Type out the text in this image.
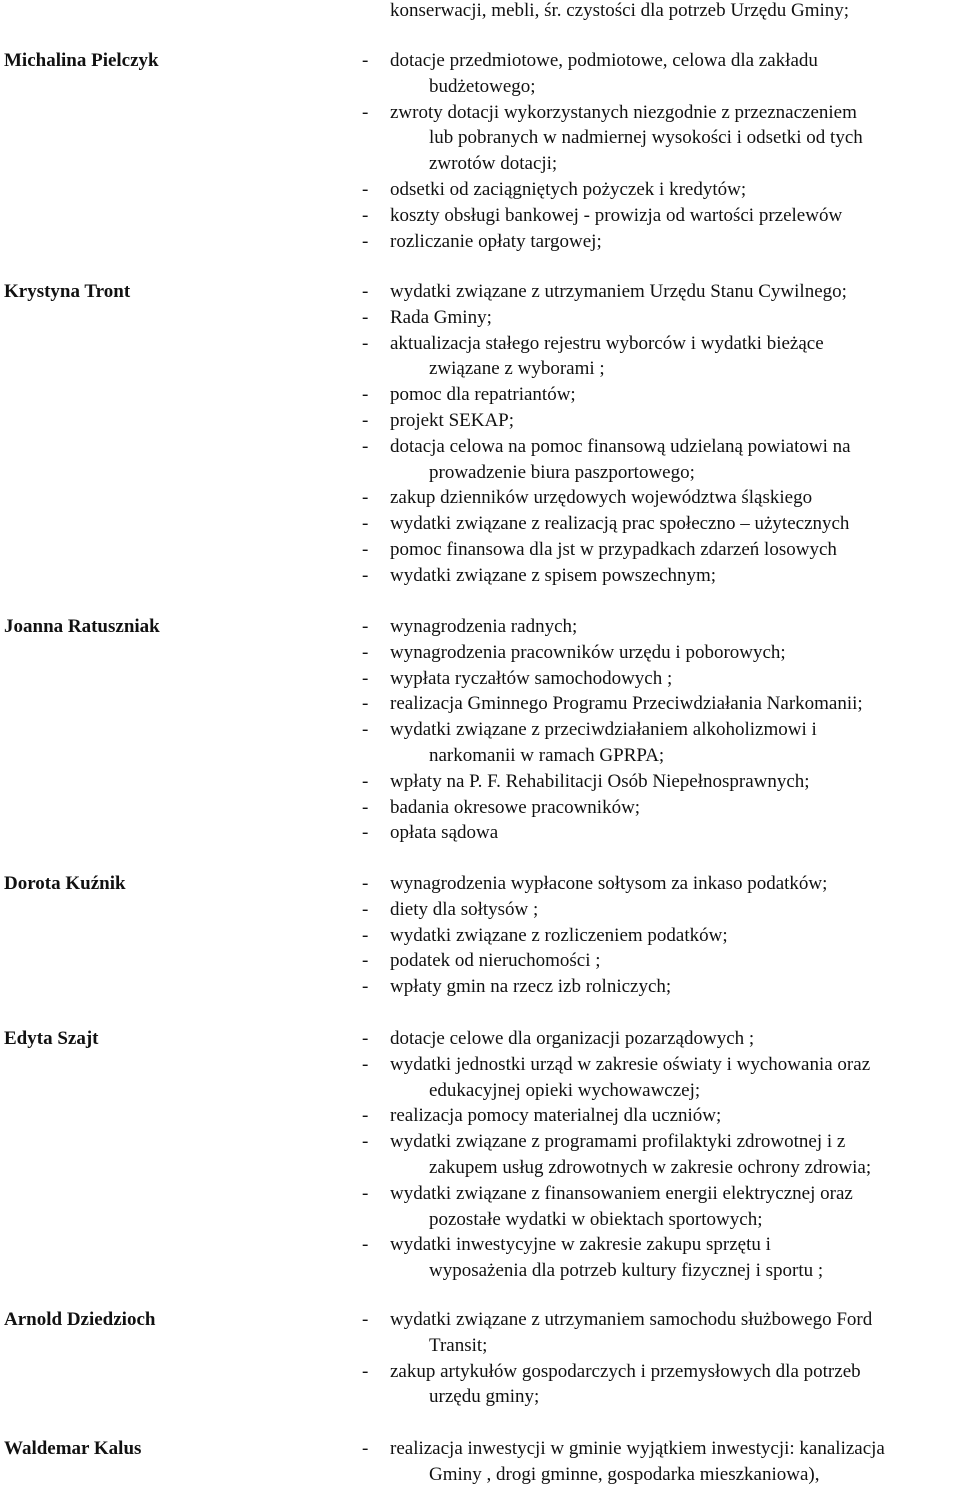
konserwacji, mebli, śr. czystości dla potrzeb Urzędu Gminy;
Michalina Pielczyk	- dotacje przedmiotowe, podmiotowe, celowa dla zakładu
budżetowego;
- zwroty dotacji wykorzystanych niezgodnie z przeznaczeniem
lub pobranych w nadmiernej wysokości i odsetki od tych
zwrotów dotacji;
- odsetki od zaciągniętych pożyczek i kredytów;
- koszty obsługi bankowej - prowizja od wartości przelewów
- rozliczanie opłaty targowej;
Krystyna Tront	- wydatki związane z utrzymaniem Urzędu Stanu Cywilnego;
- Rada Gminy;
- aktualizacja stałego rejestru wyborców i wydatki bieżące
związane z wyborami ;
- pomoc dla repatriantów;
- projekt SEKAP;
- dotacja celowa na pomoc finansową udzielaną powiatowi na
prowadzenie biura paszportowego;
- zakup dzienników urzędowych województwa śląskiego
- wydatki związane z realizacją prac społeczno – użytecznych
- pomoc finansowa dla jst w przypadkach zdarzeń losowych
- wydatki związane z spisem powszechnym;
Joanna Ratuszniak	- wynagrodzenia radnych;
- wynagrodzenia pracowników urzędu i poborowych;
- wypłata ryczałtów samochodowych ;
- realizacja Gminnego Programu Przeciwdziałania Narkomanii;
- wydatki związane z przeciwdziałaniem alkoholizmowi i
narkomanii w ramach GPRPA;
- wpłaty na P. F. Rehabilitacji Osób Niepełnosprawnych;
- badania okresowe pracowników;
- opłata sądowa
Dorota Kuźnik	- wynagrodzenia wypłacone sołtysom za inkaso podatków;
- diety dla sołtysów ;
- wydatki związane z rozliczeniem podatków;
- podatek od nieruchomości ;
- wpłaty gmin na rzecz izb rolniczych;
Edyta Szajt	- dotacje celowe dla organizacji pozarządowych ;
- wydatki jednostki urząd w zakresie oświaty i wychowania oraz
edukacyjnej opieki wychowawczej;
- realizacja pomocy materialnej dla uczniów;
- wydatki związane z programami profilaktyki zdrowotnej i z
zakupem usług zdrowotnych w zakresie ochrony zdrowia;
- wydatki związane z finansowaniem energii elektrycznej oraz
pozostałe wydatki w obiektach sportowych;
- wydatki inwestycyjne w zakresie zakupu sprzętu i
wyposażenia dla potrzeb kultury fizycznej i sportu ;
Arnold Dziedzioch	- wydatki związane z utrzymaniem samochodu służbowego Ford
Transit;
- zakup artykułów gospodarczych i przemysłowych dla potrzeb
urzędu gminy;
Waldemar Kalus	- realizacja inwestycji w gminie wyjątkiem inwestycji: kanalizacja
Gminy , drogi gminne, gospodarka mieszkaniowa),
